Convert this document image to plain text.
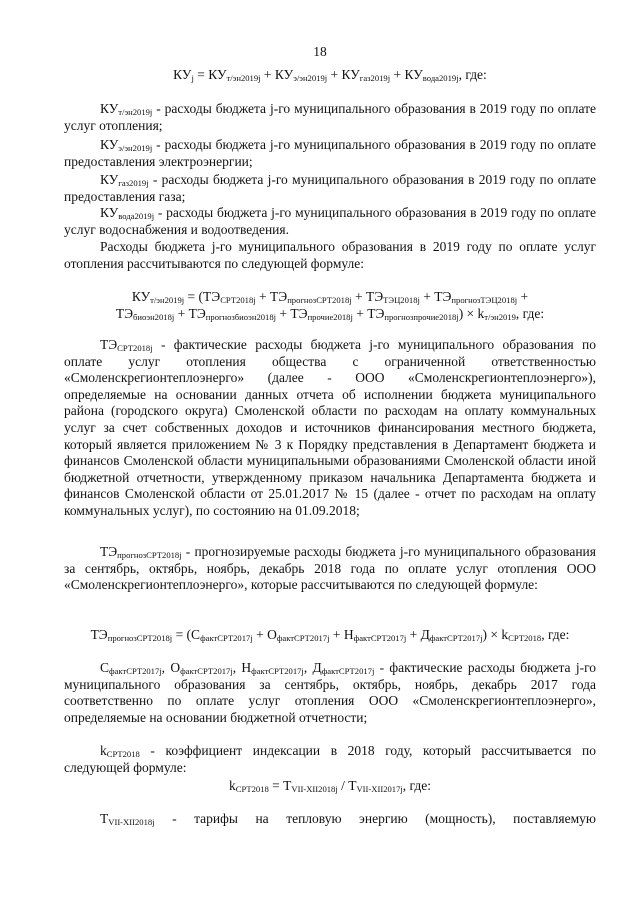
18
$КУ_j = КУ_{т/эн2019j} + КУ_{э/эн2019j} + КУ_{газ2019j} + КУ_{вода2019j}$, где:
$КУ_{т/эн2019j}$ - расходы бюджета j-го муниципального образования в 2019 году по оплате услуг отопления;
$КУ_{э/эн2019j}$ - расходы бюджета j-го муниципального образования в 2019 году по оплате предоставления электроэнергии;
$КУ_{газ2019j}$ - расходы бюджета j-го муниципального образования в 2019 году по оплате предоставления газа;
$КУ_{вода2019j}$ - расходы бюджета j-го муниципального образования в 2019 году по оплате услуг водоснабжения и водоотведения.
Расходы бюджета j-го муниципального образования в 2019 году по оплате услуг отопления рассчитываются по следующей формуле:
$КУ_{т/эн2019j} = (ТЭ_{СРТ2018j} + ТЭ_{прогнозСРТ2018j} + ТЭ_{ТЭЦ2018j} + ТЭ_{прогнозТЭЦ2018j}$ +
$ТЭ_{биоэн2018j} + ТЭ_{прогнозбиоэн2018j} + ТЭ_{прочие2018j} + ТЭ_{прогнозпрочие2018j}) \times k_{т/эн2019}$, где:
$ТЭ_{СРТ2018j}$ - фактические расходы бюджета j-го муниципального образования по оплате услуг отопления общества с ограниченной ответственностью «Смоленскрегионтеплоэнерго» (далее - ООО «Смоленскрегионтеплоэнерго»), определяемые на основании данных отчета об исполнении бюджета муниципального района (городского округа) Смоленской области по расходам на оплату коммунальных услуг за счет собственных доходов и источников финансирования местного бюджета, который является приложением № 3 к Порядку представления в Департамент бюджета и финансов Смоленской области муниципальными образованиями Смоленской области иной бюджетной отчетности, утвержденному приказом начальника Департамента бюджета и финансов Смоленской области от 25.01.2017 № 15 (далее - отчет по расходам на оплату коммунальных услуг), по состоянию на 01.09.2018;
$ТЭ_{прогнозСРТ2018j}$ - прогнозируемые расходы бюджета j-го муниципального образования за сентябрь, октябрь, ноябрь, декабрь 2018 года по оплате услуг отопления ООО «Смоленскрегионтеплоэнерго», которые рассчитываются по следующей формуле:
$ТЭ_{прогнозСРТ2018j} = (С_{фактСРТ2017j} + О_{фактСРТ2017j} + Н_{фактСРТ2017j} + Д_{фактСРТ2017j}) \times k_{СРТ2018}$, где:
$С_{фактСРТ2017j}$, $О_{фактСРТ2017j}$, $Н_{фактСРТ2017j}$, $Д_{фактСРТ2017j}$ - фактические расходы бюджета j-го муниципального образования за сентябрь, октябрь, ноябрь, декабрь 2017 года соответственно по оплате услуг отопления ООО «Смоленскрегионтеплоэнерго», определяемые на основании бюджетной отчетности;
$k_{СРТ2018}$ - коэффициент индексации в 2018 году, который рассчитывается по следующей формуле:
$k_{СРТ2018} = Т_{VII-XII2018j} / Т_{VII-XII2017j}$, где:
$Т_{VII-XII2018j}$ - тарифы на тепловую энергию (мощность), поставляемую
